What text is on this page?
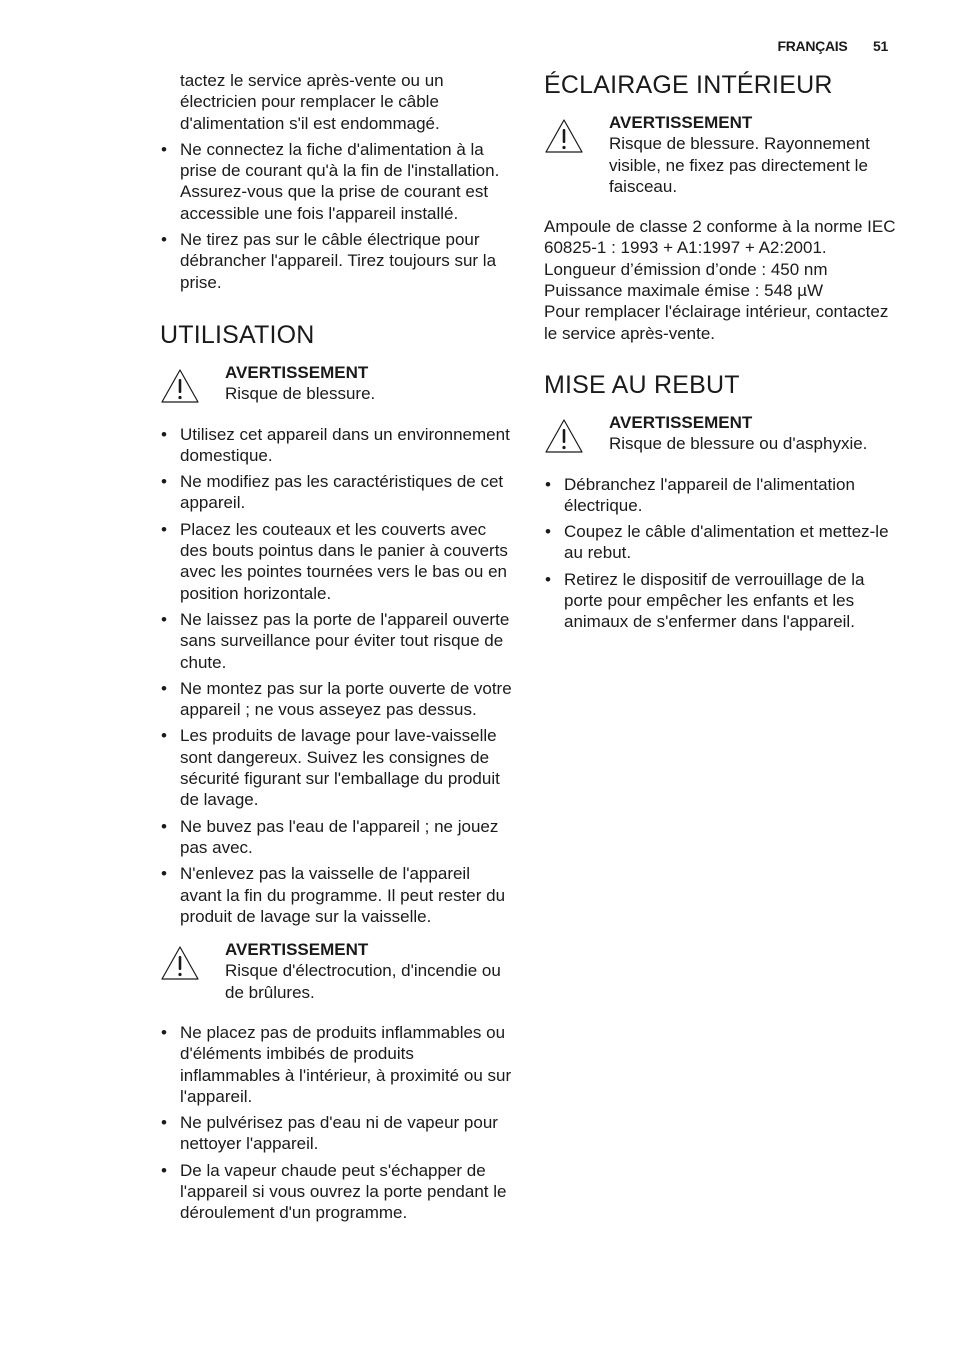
FRANÇAIS 51

tactez le service après-vente ou un électricien pour remplacer le câble d'alimentation s'il est endommagé.

• Ne connectez la fiche d'alimentation à la prise de courant qu'à la fin de l'installation. Assurez-vous que la prise de courant est accessible une fois l'appareil installé.
• Ne tirez pas sur le câble électrique pour débrancher l'appareil. Tirez toujours sur la prise.
UTILISATION
AVERTISSEMENT
Risque de blessure.
• Utilisez cet appareil dans un environnement domestique.
• Ne modifiez pas les caractéristiques de cet appareil.
• Placez les couteaux et les couverts avec des bouts pointus dans le panier à couverts avec les pointes tournées vers le bas ou en position horizontale.
• Ne laissez pas la porte de l'appareil ouverte sans surveillance pour éviter tout risque de chute.
• Ne montez pas sur la porte ouverte de votre appareil ; ne vous asseyez pas dessus.
• Les produits de lavage pour lave-vaisselle sont dangereux. Suivez les consignes de sécurité figurant sur l'emballage du produit de lavage.
• Ne buvez pas l'eau de l'appareil ; ne jouez pas avec.
• N'enlevez pas la vaisselle de l'appareil avant la fin du programme. Il peut rester du produit de lavage sur la vaisselle.
AVERTISSEMENT
Risque d'électrocution, d'incendie ou de brûlures.
• Ne placez pas de produits inflammables ou d'éléments imbibés de produits inflammables à l'intérieur, à proximité ou sur l'appareil.
• Ne pulvérisez pas d'eau ni de vapeur pour nettoyer l'appareil.
• De la vapeur chaude peut s'échapper de l'appareil si vous ouvrez la porte pendant le déroulement d'un programme.
ÉCLAIRAGE INTÉRIEUR
AVERTISSEMENT
Risque de blessure. Rayonnement visible, ne fixez pas directement le faisceau.

Ampoule de classe 2 conforme à la norme IEC 60825-1 : 1993 + A1:1997 + A2:2001.

Longueur d’émission d’onde : 450 nm

Puissance maximale émise : 548 µW

Pour remplacer l'éclairage intérieur, contactez le service après-vente.

MISE AU REBUT
AVERTISSEMENT
Risque de blessure ou d'asphyxie.
• Débranchez l'appareil de l'alimentation électrique.
• Coupez le câble d'alimentation et mettez-le au rebut.
• Retirez le dispositif de verrouillage de la porte pour empêcher les enfants et les animaux de s'enfermer dans l'appareil.
